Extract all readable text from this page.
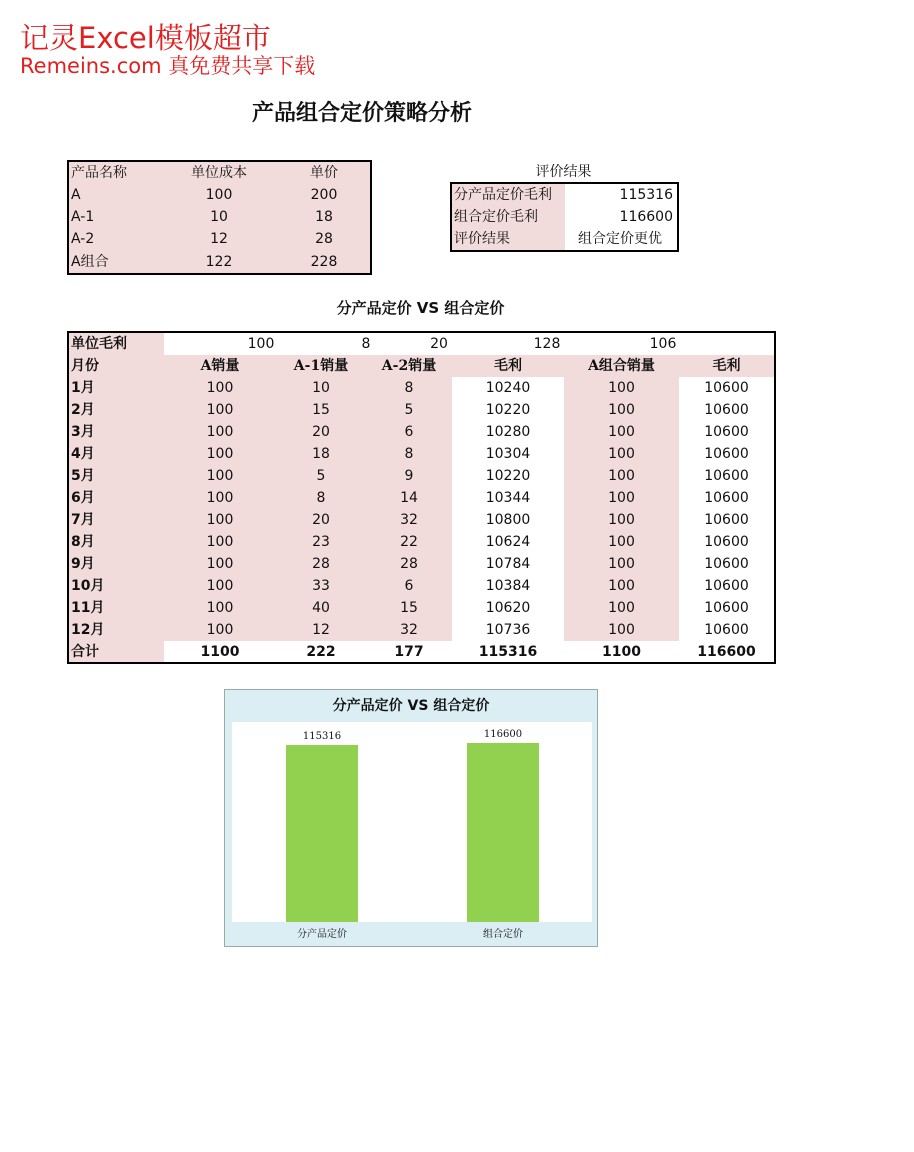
记灵Excel模板超市
Remeins.com 真免费共享下载
产品组合定价策略分析
产品名称	单位成本	单价
A	100	200
A-1	10	18
A-2	12	28
A组合	122	228
评价结果
分产品定价毛利	115316
组合定价毛利	116600
评价结果	组合定价更优
分产品定价 VS 组合定价
单位毛利	100	8	20	128	106
月份	A销量	A-1销量	A-2销量	毛利	A组合销量	毛利
1月	100	10	8	10240	100	10600
2月	100	15	5	10220	100	10600
3月	100	20	6	10280	100	10600
4月	100	18	8	10304	100	10600
5月	100	5	9	10220	100	10600
6月	100	8	14	10344	100	10600
7月	100	20	32	10800	100	10600
8月	100	23	22	10624	100	10600
9月	100	28	28	10784	100	10600
10月	100	33	6	10384	100	10600
11月	100	40	15	10620	100	10600
12月	100	12	32	10736	100	10600
合计	1100	222	177	115316	1100	116600
分产品定价 VS 组合定价
115316
分产品定价
116600
组合定价
